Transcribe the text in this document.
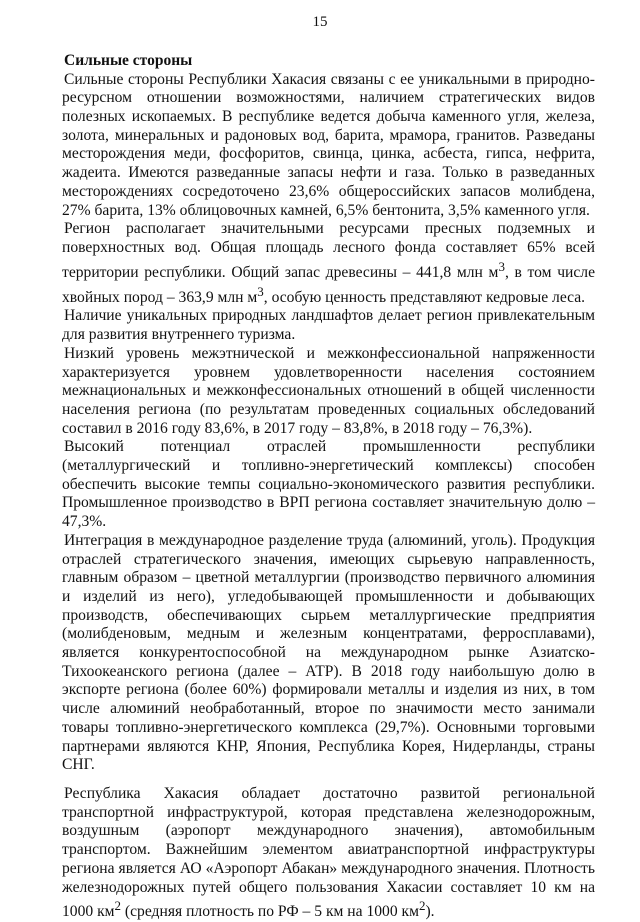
15
Сильные стороны

Сильные стороны Республики Хакасия связаны с ее уникальными в природно-ресурсном отношении возможностями, наличием стратегических видов полезных ископаемых. В республике ведется добыча каменного угля, железа, золота, минеральных и радоновых вод, барита, мрамора, гранитов. Разведаны месторождения меди, фосфоритов, свинца, цинка, асбеста, гипса, нефрита, жадеита. Имеются разведанные запасы нефти и газа. Только в разведанных месторождениях сосредоточено 23,6% общероссийских запасов молибдена, 27% барита, 13% облицовочных камней, 6,5% бентонита, 3,5% каменного угля.

Регион располагает значительными ресурсами пресных подземных и поверхностных вод. Общая площадь лесного фонда составляет 65% всей территории республики. Общий запас древесины – 441,8 млн $м^3$, в том числе хвойных пород – 363,9 млн $м^3$, особую ценность представляют кедровые леса.

Наличие уникальных природных ландшафтов делает регион привлекательным для развития внутреннего туризма.

Низкий уровень межэтнической и межконфессиональной напряженности характеризуется уровнем удовлетворенности населения состоянием межнациональных и межконфессиональных отношений в общей численности населения региона (по результатам проведенных социальных обследований составил в 2016 году 83,6%, в 2017 году – 83,8%, в 2018 году – 76,3%).

Высокий потенциал отраслей промышленности республики (металлургический и топливно-энергетический комплексы) способен обеспечить высокие темпы социально-экономического развития республики. Промышленное производство в ВРП региона составляет значительную долю – 47,3%.

Интеграция в международное разделение труда (алюминий, уголь). Продукция отраслей стратегического значения, имеющих сырьевую направленность, главным образом – цветной металлургии (производство первичного алюминия и изделий из него), угледобывающей промышленности и добывающих производств, обеспечивающих сырьем металлургические предприятия (молибденовым, медным и железным концентратами, ферросплавами), является конкурентоспособной на международном рынке Азиатско-Тихоокеанского региона (далее – АТР). В 2018 году наибольшую долю в экспорте региона (более 60%) формировали металлы и изделия из них, в том числе алюминий необработанный, второе по значимости место занимали товары топливно-энергетического комплекса (29,7%). Основными торговыми партнерами являются КНР, Япония, Республика Корея, Нидерланды, страны СНГ.

Республика Хакасия обладает достаточно развитой региональной транспортной инфраструктурой, которая представлена железнодорожным, воздушным (аэропорт международного значения), автомобильным транспортом. Важнейшим элементом авиатранспортной инфраструктуры региона является АО «Аэропорт Абакан» международного значения. Плотность железнодорожных путей общего пользования Хакасии составляет 10 км на 1000 $км^2$ (средняя плотность по РФ – 5 км на 1000 $км^2$).
